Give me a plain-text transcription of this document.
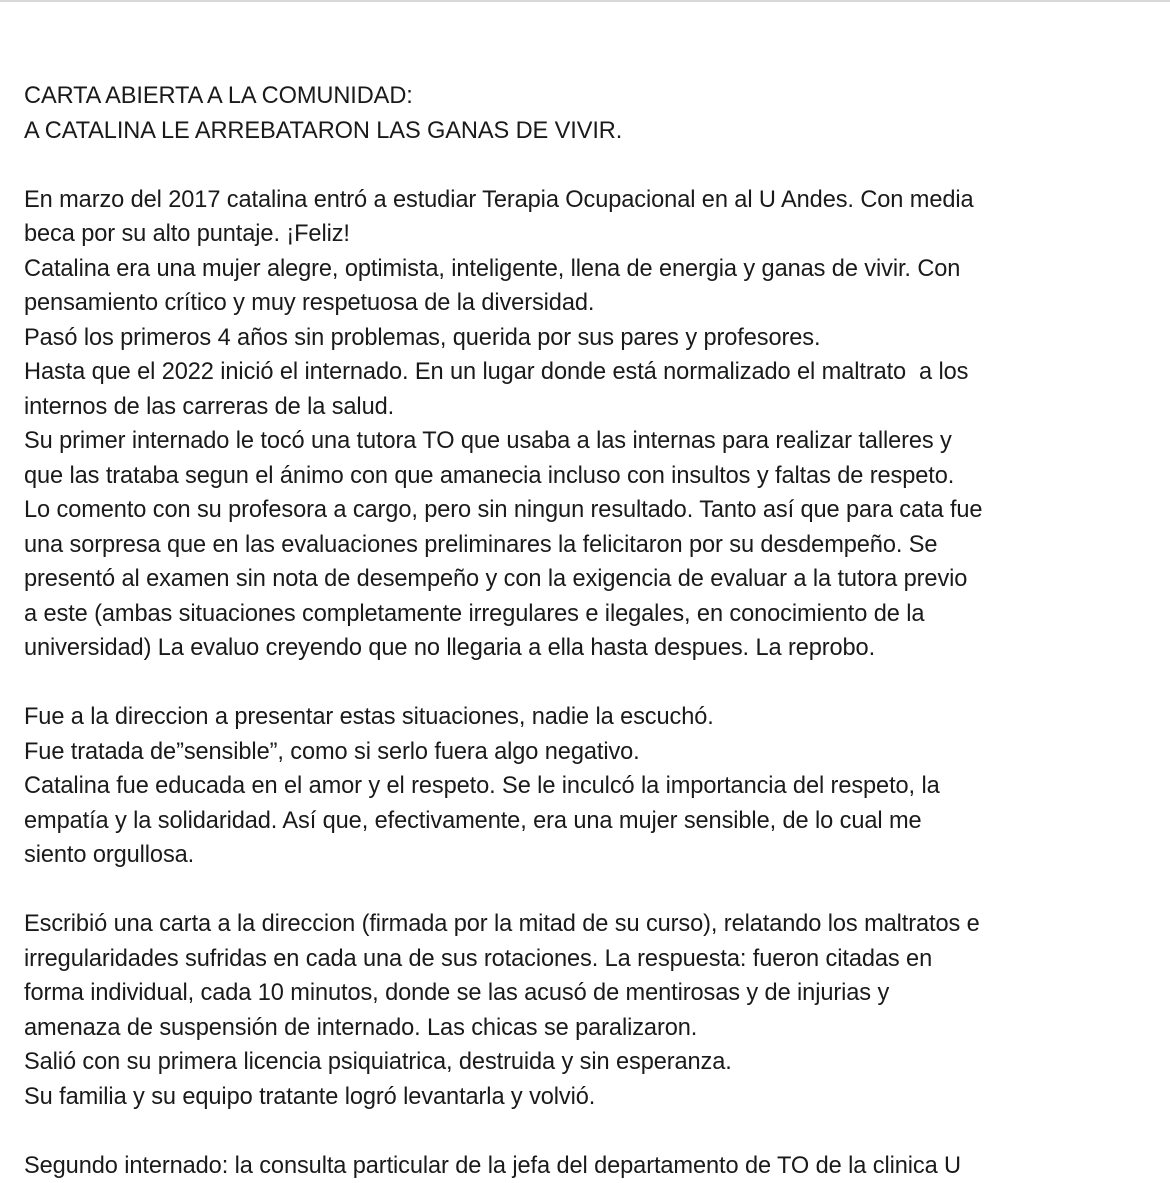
CARTA ABIERTA A LA COMUNIDAD:
A CATALINA LE ARREBATARON LAS GANAS DE VIVIR.
En marzo del 2017 catalina entró a estudiar Terapia Ocupacional en al U Andes. Con media
beca por su alto puntaje. ¡Feliz!
Catalina era una mujer alegre, optimista, inteligente, llena de energia y ganas de vivir. Con
pensamiento crítico y muy respetuosa de la diversidad.
Pasó los primeros 4 años sin problemas, querida por sus pares y profesores.
Hasta que el 2022 inició el internado. En un lugar donde está normalizado el maltrato  a los
internos de las carreras de la salud.
Su primer internado le tocó una tutora TO que usaba a las internas para realizar talleres y
que las trataba segun el ánimo con que amanecia incluso con insultos y faltas de respeto.
Lo comento con su profesora a cargo, pero sin ningun resultado. Tanto así que para cata fue
una sorpresa que en las evaluaciones preliminares la felicitaron por su desdempeño. Se
presentó al examen sin nota de desempeño y con la exigencia de evaluar a la tutora previo
a este (ambas situaciones completamente irregulares e ilegales, en conocimiento de la
universidad) La evaluo creyendo que no llegaria a ella hasta despues. La reprobo.
Fue a la direccion a presentar estas situaciones, nadie la escuchó.
Fue tratada de”sensible”, como si serlo fuera algo negativo.
Catalina fue educada en el amor y el respeto. Se le inculcó la importancia del respeto, la
empatía y la solidaridad. Así que, efectivamente, era una mujer sensible, de lo cual me
siento orgullosa.
Escribió una carta a la direccion (firmada por la mitad de su curso), relatando los maltratos e
irregularidades sufridas en cada una de sus rotaciones. La respuesta: fueron citadas en
forma individual, cada 10 minutos, donde se las acusó de mentirosas y de injurias y
amenaza de suspensión de internado. Las chicas se paralizaron.
Salió con su primera licencia psiquiatrica, destruida y sin esperanza.
Su familia y su equipo tratante logró levantarla y volvió.
Segundo internado: la consulta particular de la jefa del departamento de TO de la clinica U
